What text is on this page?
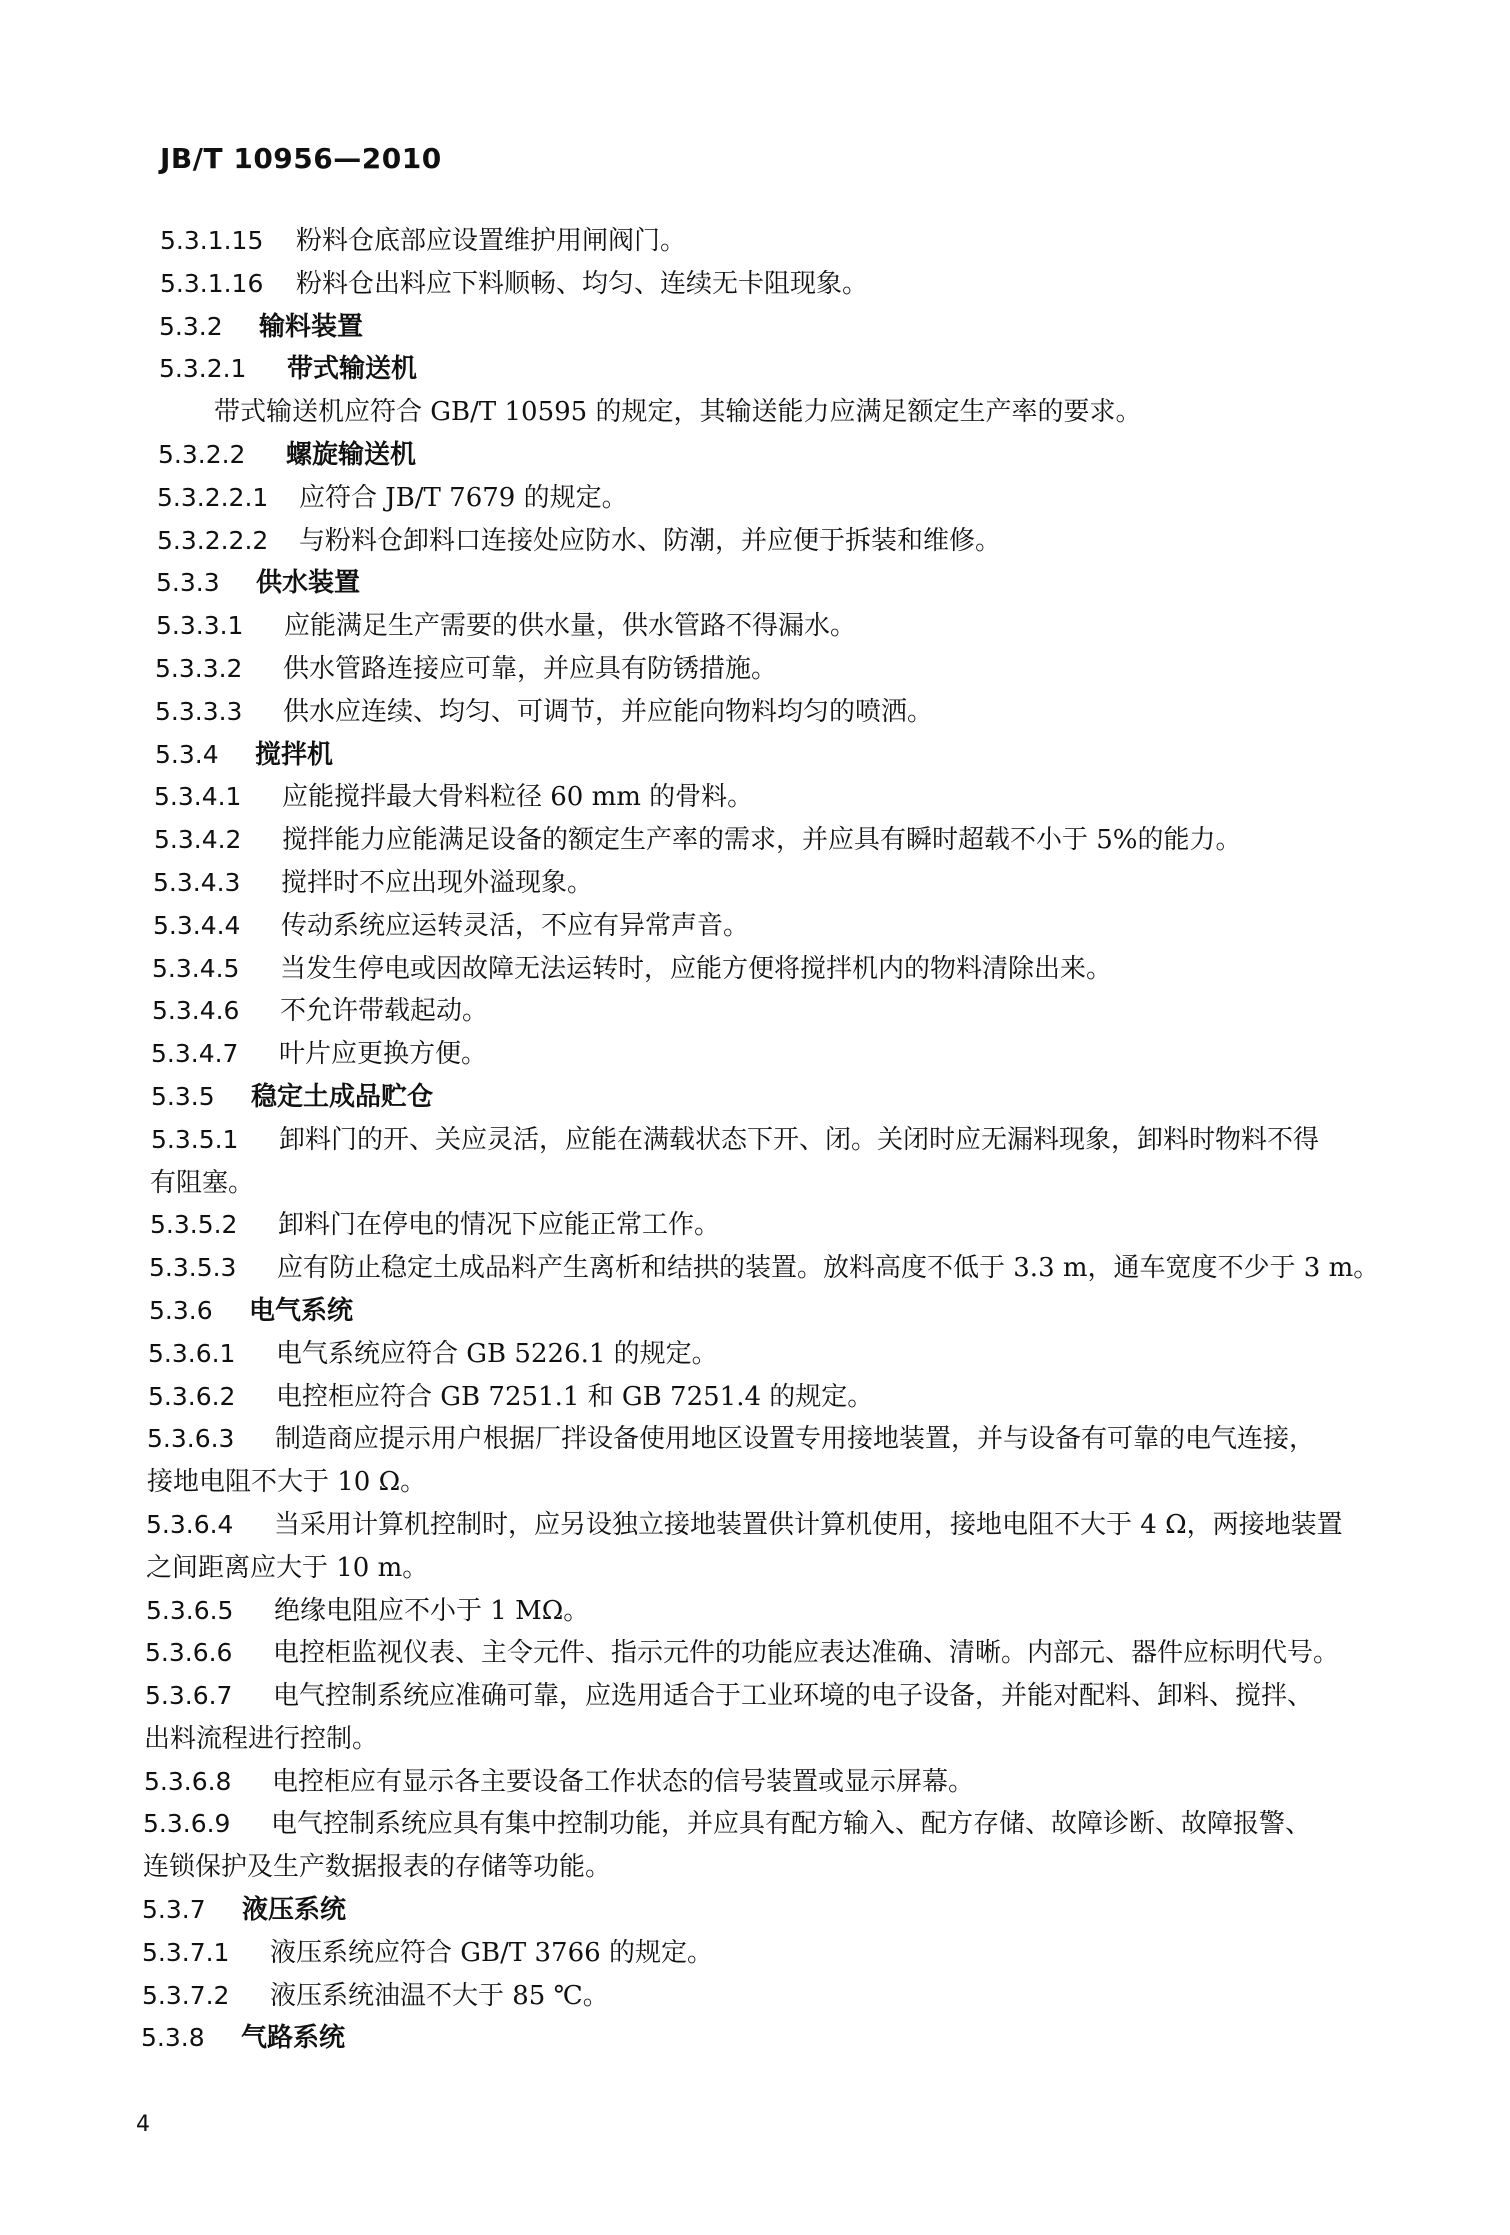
JB/T 10956—2010
5.3.1.15 粉料仓底部应设置维护用闸阀门。
5.3.1.16 粉料仓出料应下料顺畅、均匀、连续无卡阻现象。
5.3.2 输料装置
5.3.2.1 带式输送机
带式输送机应符合 GB/T 10595 的规定，其输送能力应满足额定生产率的要求。
5.3.2.2 螺旋输送机
5.3.2.2.1 应符合 JB/T 7679 的规定。
5.3.2.2.2 与粉料仓卸料口连接处应防水、防潮，并应便于拆装和维修。
5.3.3 供水装置
5.3.3.1 应能满足生产需要的供水量，供水管路不得漏水。
5.3.3.2 供水管路连接应可靠，并应具有防锈措施。
5.3.3.3 供水应连续、均匀、可调节，并应能向物料均匀的喷洒。
5.3.4 搅拌机
5.3.4.1 应能搅拌最大骨料粒径 60 mm 的骨料。
5.3.4.2 搅拌能力应能满足设备的额定生产率的需求，并应具有瞬时超载不小于 5%的能力。
5.3.4.3 搅拌时不应出现外溢现象。
5.3.4.4 传动系统应运转灵活，不应有异常声音。
5.3.4.5 当发生停电或因故障无法运转时，应能方便将搅拌机内的物料清除出来。
5.3.4.6 不允许带载起动。
5.3.4.7 叶片应更换方便。
5.3.5 稳定土成品贮仓
5.3.5.1 卸料门的开、关应灵活，应能在满载状态下开、闭。关闭时应无漏料现象，卸料时物料不得
有阻塞。
5.3.5.2 卸料门在停电的情况下应能正常工作。
5.3.5.3 应有防止稳定土成品料产生离析和结拱的装置。放料高度不低于 3.3 m，通车宽度不少于 3 m。
5.3.6 电气系统
5.3.6.1 电气系统应符合 GB 5226.1 的规定。
5.3.6.2 电控柜应符合 GB 7251.1 和 GB 7251.4 的规定。
5.3.6.3 制造商应提示用户根据厂拌设备使用地区设置专用接地装置，并与设备有可靠的电气连接，
接地电阻不大于 10 Ω。
5.3.6.4 当采用计算机控制时，应另设独立接地装置供计算机使用，接地电阻不大于 4 Ω，两接地装置
之间距离应大于 10 m。
5.3.6.5 绝缘电阻应不小于 1 MΩ。
5.3.6.6 电控柜监视仪表、主令元件、指示元件的功能应表达准确、清晰。内部元、器件应标明代号。
5.3.6.7 电气控制系统应准确可靠，应选用适合于工业环境的电子设备，并能对配料、卸料、搅拌、
出料流程进行控制。
5.3.6.8 电控柜应有显示各主要设备工作状态的信号装置或显示屏幕。
5.3.6.9 电气控制系统应具有集中控制功能，并应具有配方输入、配方存储、故障诊断、故障报警、
连锁保护及生产数据报表的存储等功能。
5.3.7 液压系统
5.3.7.1 液压系统应符合 GB/T 3766 的规定。
5.3.7.2 液压系统油温不大于 85 ℃。
5.3.8 气路系统
4
